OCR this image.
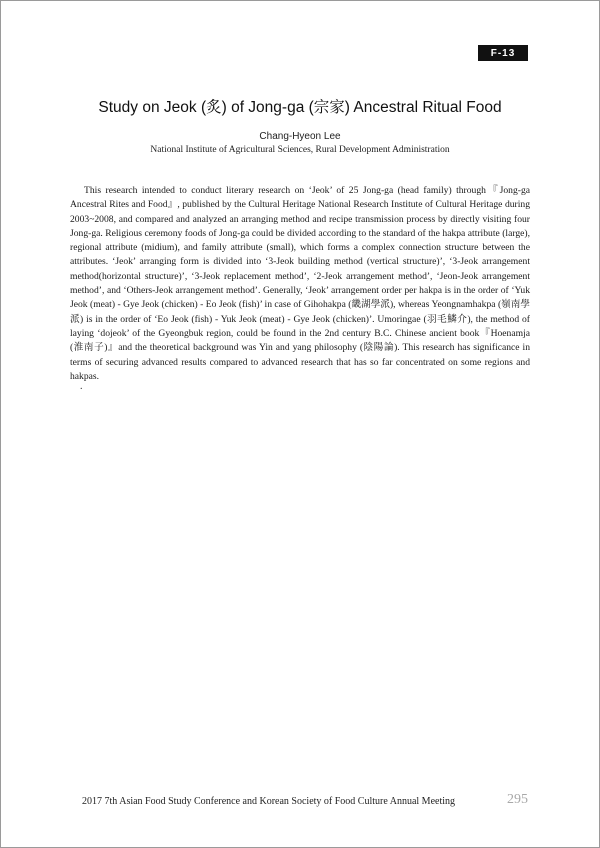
F-13
Study on Jeok (炙) of Jong-ga (宗家) Ancestral Ritual Food
Chang-Hyeon Lee
National Institute of Agricultural Sciences, Rural Development Administration

This research intended to conduct literary research on ‘Jeok’ of 25 Jong-ga (head family) through『Jong-ga Ancestral Rites and Food』, published by the Cultural Heritage National Research Institute of Cultural Heritage during 2003~2008, and compared and analyzed an arranging method and recipe transmission process by directly visiting four Jong-ga. Religious ceremony foods of Jong-ga could be divided according to the standard of the hakpa attribute (large), regional attribute (midium), and family attribute (small), which forms a complex connection structure between the attributes. ‘Jeok’ arranging form is divided into ‘3-Jeok building method (vertical structure)’, ‘3-Jeok arrangement method(horizontal structure)’, ‘3-Jeok replacement method’, ‘2-Jeok arrangement method’, ‘Jeon-Jeok arrangement method’, and ‘Others-Jeok arrangement method’. Generally, ‘Jeok’ arrangement order per hakpa is in the order of ‘Yuk Jeok (meat) - Gye Jeok (chicken) - Eo Jeok (fish)’ in case of Gihohakpa (畿湖學派), whereas Yeongnamhakpa (嶺南學派) is in the order of ‘Eo Jeok (fish) - Yuk Jeok (meat) - Gye Jeok (chicken)’. Umoringae (羽毛鱗介), the method of laying ‘dojeok’ of the Gyeongbuk region, could be found in the 2nd century B.C. Chinese ancient book『Hoenamja (淮南子)』and the theoretical background was Yin and yang philosophy (陰陽論). This research has significance in terms of securing advanced results compared to advanced research that has so far concentrated on some regions and hakpas.

.
2017 7th Asian Food Study Conference and Korean Society of Food Culture Annual Meeting	295
